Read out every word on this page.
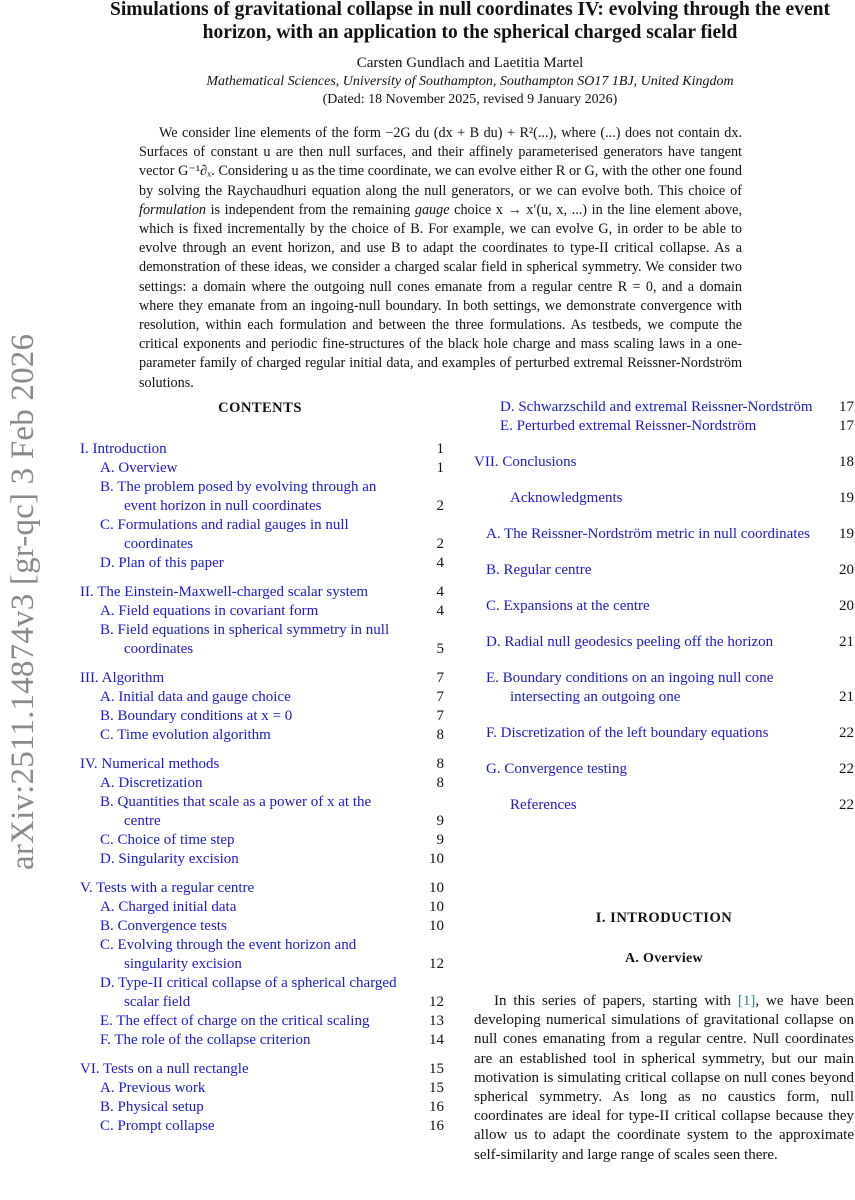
arXiv:2511.14874v3 [gr-qc] 3 Feb 2026
Simulations of gravitational collapse in null coordinates IV: evolving through the event horizon, with an application to the spherical charged scalar field
Carsten Gundlach and Laetitia Martel
Mathematical Sciences, University of Southampton, Southampton SO17 1BJ, United Kingdom
(Dated: 18 November 2025, revised 9 January 2026)
We consider line elements of the form −2G du (dx + B du) + R²(...), where (...) does not contain dx. Surfaces of constant u are then null surfaces, and their affinely parameterised generators have tangent vector G⁻¹∂ₓ. Considering u as the time coordinate, we can evolve either R or G, with the other one found by solving the Raychaudhuri equation along the null generators, or we can evolve both. This choice of formulation is independent from the remaining gauge choice x → x′(u, x, ...) in the line element above, which is fixed incrementally by the choice of B. For example, we can evolve G, in order to be able to evolve through an event horizon, and use B to adapt the coordinates to type-II critical collapse. As a demonstration of these ideas, we consider a charged scalar field in spherical symmetry. We consider two settings: a domain where the outgoing null cones emanate from a regular centre R = 0, and a domain where they emanate from an ingoing-null boundary. In both settings, we demonstrate convergence with resolution, within each formulation and between the three formulations. As testbeds, we compute the critical exponents and periodic fine-structures of the black hole charge and mass scaling laws in a one-parameter family of charged regular initial data, and examples of perturbed extremal Reissner-Nordström solutions.
CONTENTS
I. Introduction	1
A. Overview	1
B. The problem posed by evolving through an event horizon in null coordinates	2
C. Formulations and radial gauges in null coordinates	2
D. Plan of this paper	4
II. The Einstein-Maxwell-charged scalar system	4
A. Field equations in covariant form	4
B. Field equations in spherical symmetry in null coordinates	5
III. Algorithm	7
A. Initial data and gauge choice	7
B. Boundary conditions at x = 0	7
C. Time evolution algorithm	8
IV. Numerical methods	8
A. Discretization	8
B. Quantities that scale as a power of x at the centre	9
C. Choice of time step	9
D. Singularity excision	10
V. Tests with a regular centre	10
A. Charged initial data	10
B. Convergence tests	10
C. Evolving through the event horizon and singularity excision	12
D. Type-II critical collapse of a spherical charged scalar field	12
E. The effect of charge on the critical scaling	13
F. The role of the collapse criterion	14
VI. Tests on a null rectangle	15
A. Previous work	15
B. Physical setup	16
C. Prompt collapse	16
D. Schwarzschild and extremal Reissner-Nordström	17
E. Perturbed extremal Reissner-Nordström	17
VII. Conclusions	18
Acknowledgments	19
A. The Reissner-Nordström metric in null coordinates	19
B. Regular centre	20
C. Expansions at the centre	20
D. Radial null geodesics peeling off the horizon	21
E. Boundary conditions on an ingoing null cone intersecting an outgoing one	21
F. Discretization of the left boundary equations	22
G. Convergence testing	22
References	22
I. INTRODUCTION
A. Overview
In this series of papers, starting with [1], we have been developing numerical simulations of gravitational collapse on null cones emanating from a regular centre. Null coordinates are an established tool in spherical symmetry, but our main motivation is simulating critical collapse on null cones beyond spherical symmetry. As long as no caustics form, null coordinates are ideal for type-II critical collapse because they allow us to adapt the coordinate system to the approximate self-similarity and large range of scales seen there.
